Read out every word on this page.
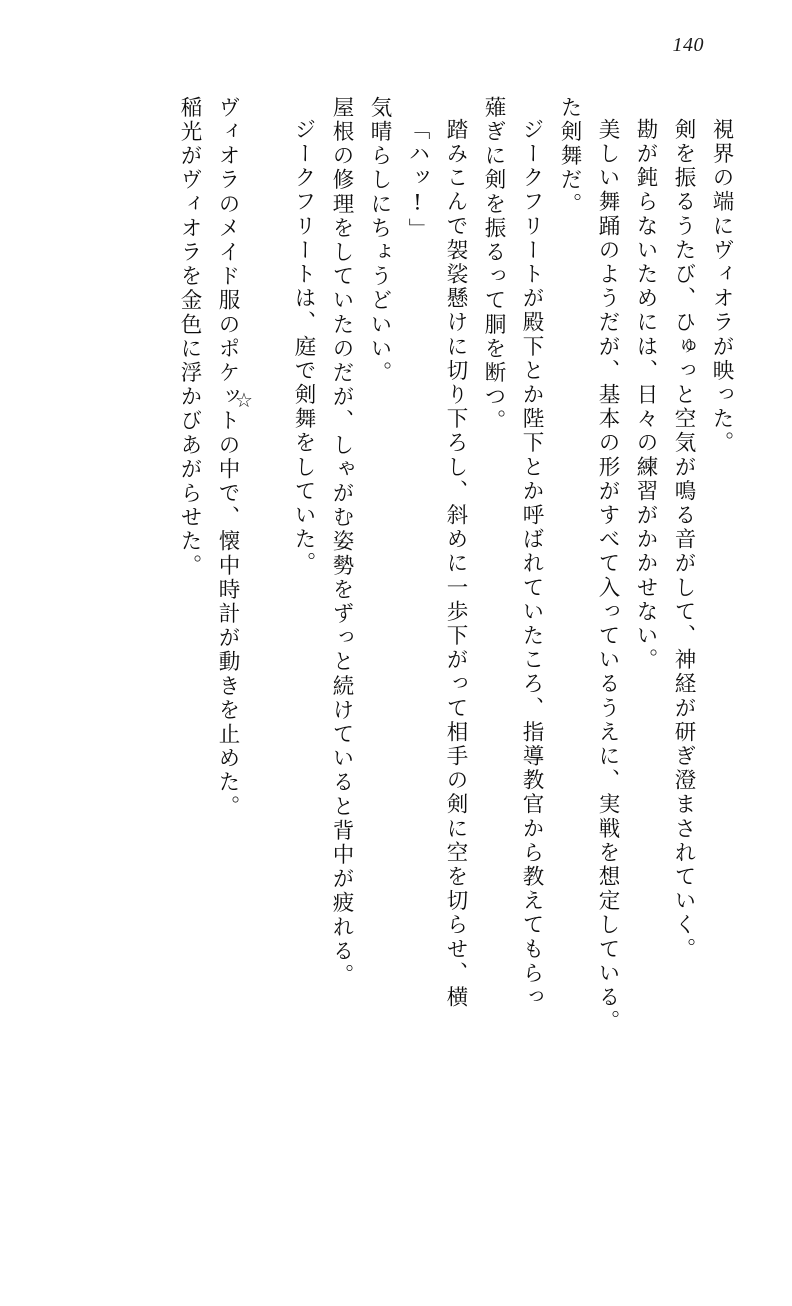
140
稲光がヴィオラを金色に浮かびあがらせた。 ヴィオラのメイド服のポケットの中で、懐中時計が動きを止めた。

☆
	ジークフリートは、庭で剣舞をしていた。 屋根の修理をしていたのだが、しゃがむ姿勢をずっと続けていると背中が疲れる。 気晴らしにちょうどいい。 「ハッ!」 踏みこんで袈裟懸けに切り下ろし、斜めに一歩下がって相手の剣に空を切らせ、横 薙ぎに剣を振るって胴を断つ。 ジークフリートが殿下とか陛下とか呼ばれていたころ、指導教官から教えてもらっ た剣舞だ。 美しい舞踊のようだが、基本の形がすべて入っているうえに、実戦を想定している。 勘が鈍らないためには、日々の練習がかかせない。 剣を振るうたび、ひゅっと空気が鳴る音がして、神経が研ぎ澄まされていく。 視界の端にヴィオラが映った。
